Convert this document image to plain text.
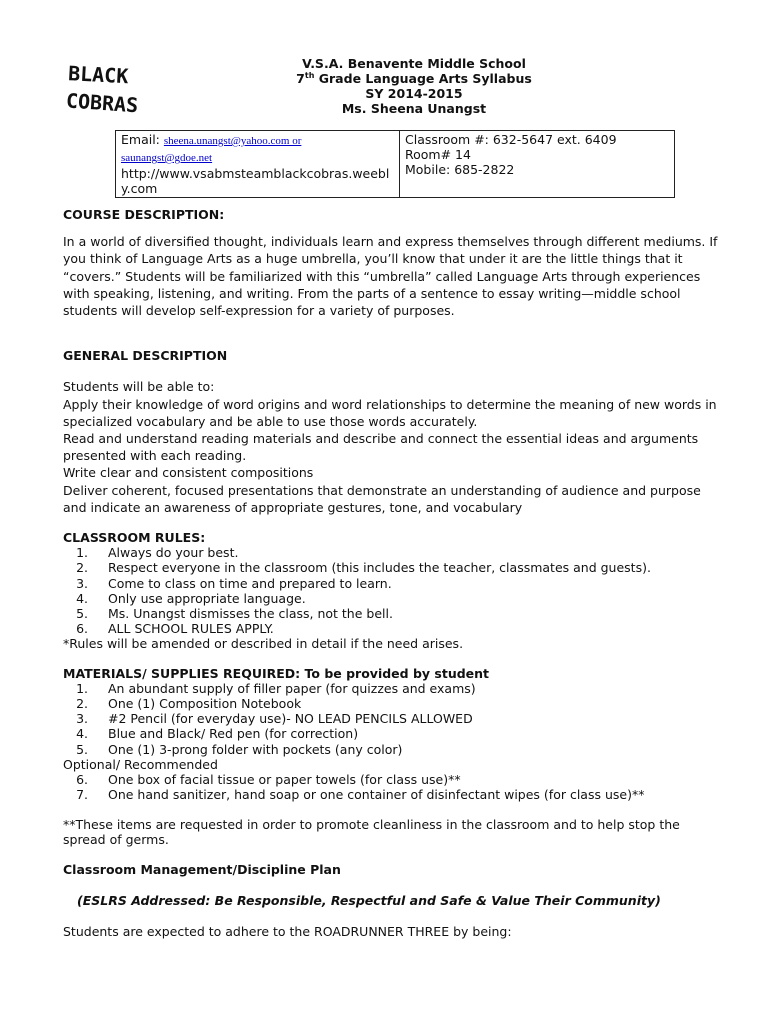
BLACK
COBRAS
V.S.A. Benavente Middle School
7th Grade Language Arts Syllabus
SY 2014-2015
Ms. Sheena Unangst
Email: sheena.unangst@yahoo.com or
saunangst@gdoe.net
http://www.vsabmsteamblackcobras.weebly.com	
Classroom #: 632-5647 ext. 6409
Room# 14
Mobile: 685-2822
COURSE DESCRIPTION:

In a world of diversified thought, individuals learn and express themselves through different mediums. If you think of Language Arts as a huge umbrella, you’ll know that under it are the little things that it “covers.” Students will be familiarized with this “umbrella” called Language Arts through experiences with speaking, listening, and writing. From the parts of a sentence to essay writing—middle school students will develop self-expression for a variety of purposes.

GENERAL DESCRIPTION

Students will be able to:

Apply their knowledge of word origins and word relationships to determine the meaning of new words in specialized vocabulary and be able to use those words accurately.

Read and understand reading materials and describe and connect the essential ideas and arguments presented with each reading.

Write clear and consistent compositions

Deliver coherent, focused presentations that demonstrate an understanding of audience and purpose and indicate an awareness of appropriate gestures, tone, and vocabulary

CLASSROOM RULES:
1. Always do your best.
2. Respect everyone in the classroom (this includes the teacher, classmates and guests).
3. Come to class on time and prepared to learn.
4. Only use appropriate language.
5. Ms. Unangst dismisses the class, not the bell.
6. ALL SCHOOL RULES APPLY.

*Rules will be amended or described in detail if the need arises.

MATERIALS/ SUPPLIES REQUIRED: To be provided by student
1. An abundant supply of filler paper (for quizzes and exams)
2. One (1) Composition Notebook
3. #2 Pencil (for everyday use)- NO LEAD PENCILS ALLOWED
4. Blue and Black/ Red pen (for correction)
5. One (1) 3-prong folder with pockets (any color)

Optional/ Recommended

6. One box of facial tissue or paper towels (for class use)**
7. One hand sanitizer, hand soap or one container of disinfectant wipes (for class use)**

**These items are requested in order to promote cleanliness in the classroom and to help stop the spread of germs.

Classroom Management/Discipline Plan

(ESLRS Addressed: Be Responsible, Respectful and Safe & Value Their Community)

Students are expected to adhere to the ROADRUNNER THREE by being:
